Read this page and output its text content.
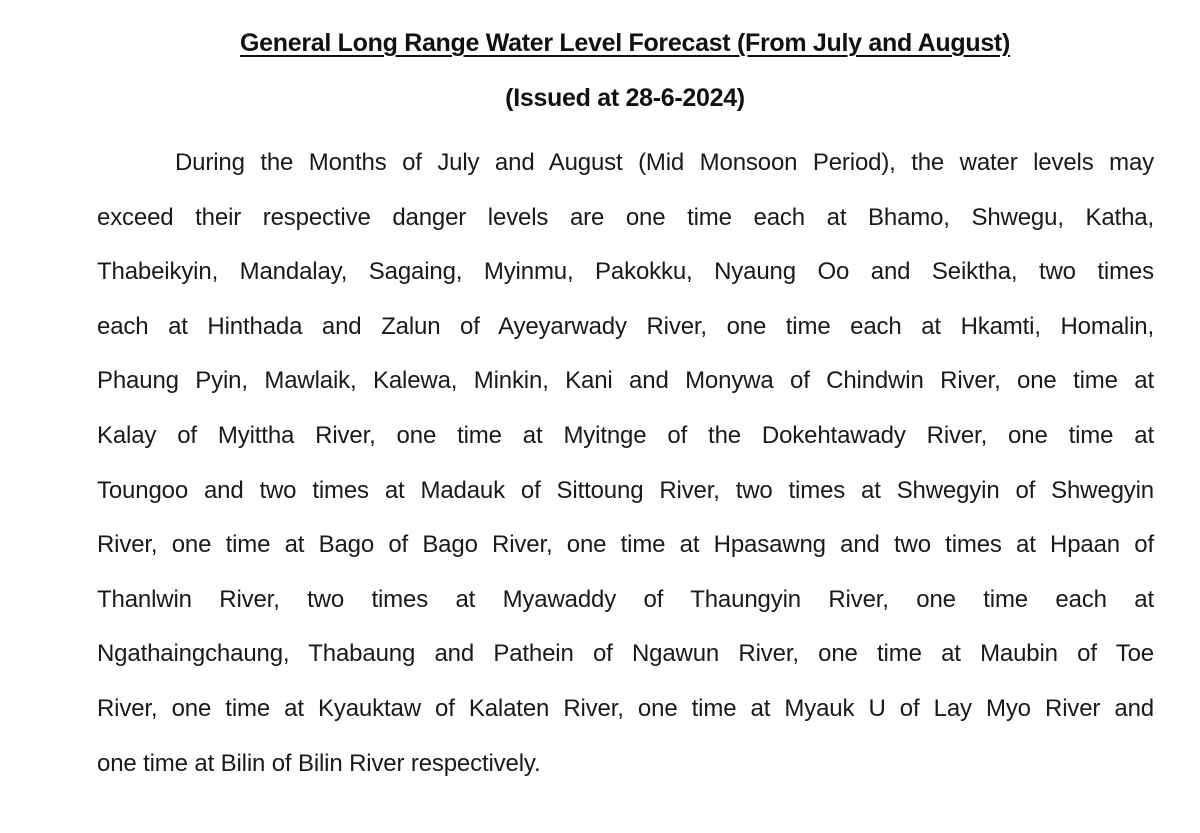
General Long Range Water Level Forecast (From July and August)
(Issued at 28-6-2024)
During the Months of July and August (Mid Monsoon Period), the water levels may
exceed their respective danger levels are one time each at Bhamo, Shwegu, Katha,
Thabeikyin, Mandalay, Sagaing, Myinmu, Pakokku, Nyaung Oo and Seiktha, two times
each at Hinthada and Zalun of Ayeyarwady River, one time each at Hkamti, Homalin,
Phaung Pyin, Mawlaik, Kalewa, Minkin, Kani and Monywa of Chindwin River, one time at
Kalay of Myittha River, one time at Myitnge of the Dokehtawady River, one time at
Toungoo and two times at Madauk of Sittoung River, two times at Shwegyin of Shwegyin
River, one time at Bago of Bago River, one time at Hpasawng and two times at Hpaan of
Thanlwin River, two times at Myawaddy of Thaungyin River, one time each at
Ngathaingchaung, Thabaung and Pathein of Ngawun River, one time at Maubin of Toe
River, one time at Kyauktaw of Kalaten River, one time at Myauk U of Lay Myo River and
one time at Bilin of Bilin River respectively.
